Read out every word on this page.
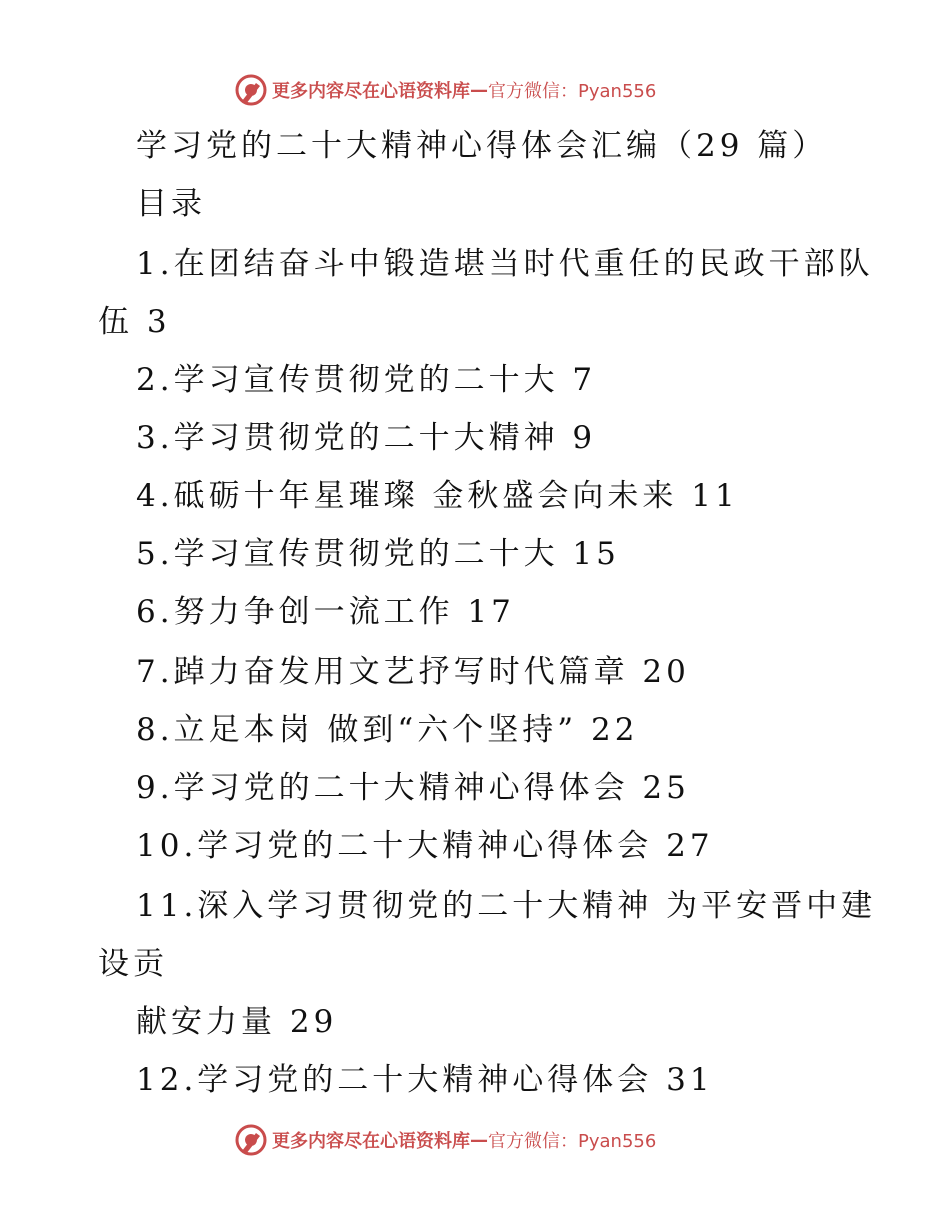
更多内容尽在心语资料库 — 官方微信：Pyan556
学习党的二十大精神心得体会汇编（29 篇）
目录
1.在团结奋斗中锻造堪当时代重任的民政干部队
伍 3
2.学习宣传贯彻党的二十大 7
3.学习贯彻党的二十大精神 9
4.砥砺十年星璀璨 金秋盛会向未来 11
5.学习宣传贯彻党的二十大 15
6.努力争创一流工作 17
7.踔力奋发用文艺抒写时代篇章 20
8.立足本岗 做到“六个坚持” 22
9.学习党的二十大精神心得体会 25
10.学习党的二十大精神心得体会 27
11.深入学习贯彻党的二十大精神 为平安晋中建
设贡
献安力量 29
12.学习党的二十大精神心得体会 31
更多内容尽在心语资料库 — 官方微信：Pyan556
